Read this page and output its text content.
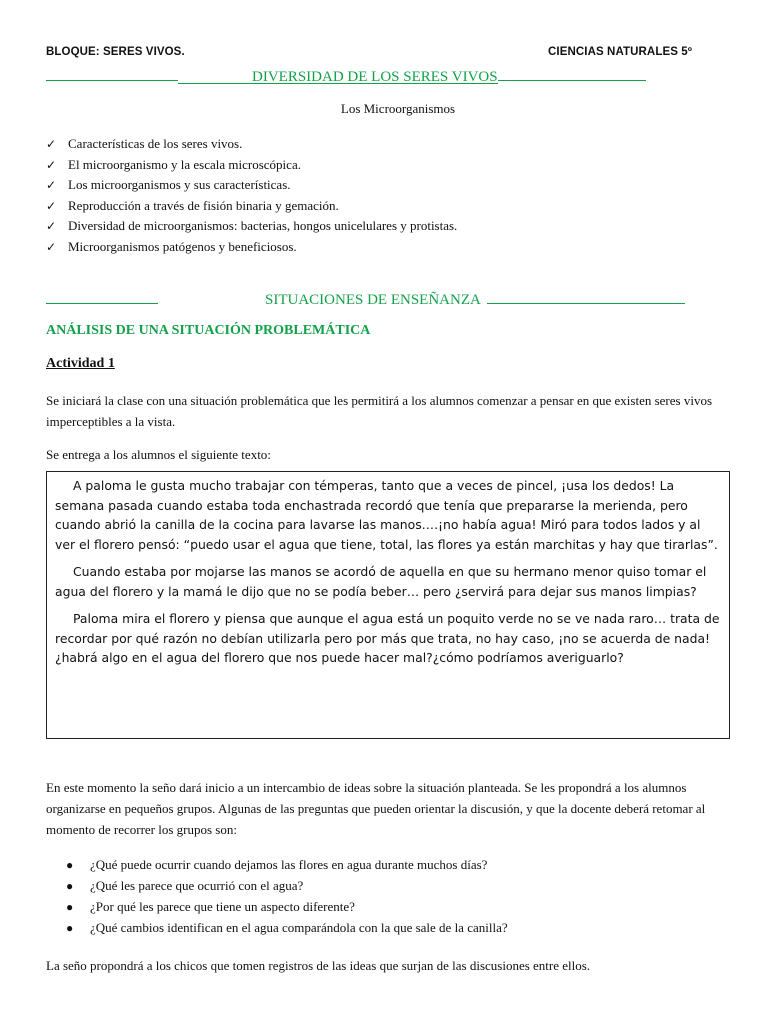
BLOQUE: SERES VIVOS.	CIENCIAS NATURALES 5º
DIVERSIDAD DE LOS SERES VIVOS
Los Microorganismos
✓ Características de los seres vivos.
✓ El microorganismo y la escala microscópica.
✓ Los microorganismos y sus características.
✓ Reproducción a través de fisión binaria y gemación.
✓ Diversidad de microorganismos: bacterias, hongos unicelulares y protistas.
✓ Microorganismos patógenos y beneficiosos.
SITUACIONES DE ENSEÑANZA
ANÁLISIS DE UNA SITUACIÓN PROBLEMÁTICA
Actividad 1

Se iniciará la clase con una situación problemática que les permitirá a los alumnos comenzar a pensar en que existen seres vivos imperceptibles a la vista.

Se entrega a los alumnos el siguiente texto:

A paloma le gusta mucho trabajar con témperas, tanto que a veces de pincel, ¡usa los dedos! La semana pasada cuando estaba toda enchastrada recordó que tenía que prepararse la merienda, pero cuando abrió la canilla de la cocina para lavarse las manos….¡no había agua! Miró para todos lados y al ver el florero pensó: “puedo usar el agua que tiene, total, las flores ya están marchitas y hay que tirarlas”.

Cuando estaba por mojarse las manos se acordó de aquella en que su hermano menor quiso tomar el agua del florero y la mamá le dijo que no se podía beber… pero ¿servirá para dejar sus manos limpias?

Paloma mira el florero y piensa que aunque el agua está un poquito verde no se ve nada raro… trata de recordar por qué razón no debían utilizarla pero por más que trata, no hay caso, ¡no se acuerda de nada!¿habrá algo en el agua del florero que nos puede hacer mal?¿cómo podríamos averiguarlo?

En este momento la seño dará inicio a un intercambio de ideas sobre la situación planteada. Se les propondrá a los alumnos organizarse en pequeños grupos. Algunas de las preguntas que pueden orientar la discusión, y que la docente deberá retomar al momento de recorrer los grupos son:

● ¿Qué puede ocurrir cuando dejamos las flores en agua durante muchos días?
● ¿Qué les parece que ocurrió con el agua?
● ¿Por qué les parece que tiene un aspecto diferente?
● ¿Qué cambios identifican en el agua comparándola con la que sale de la canilla?

La seño propondrá a los chicos que tomen registros de las ideas que surjan de las discusiones entre ellos.
